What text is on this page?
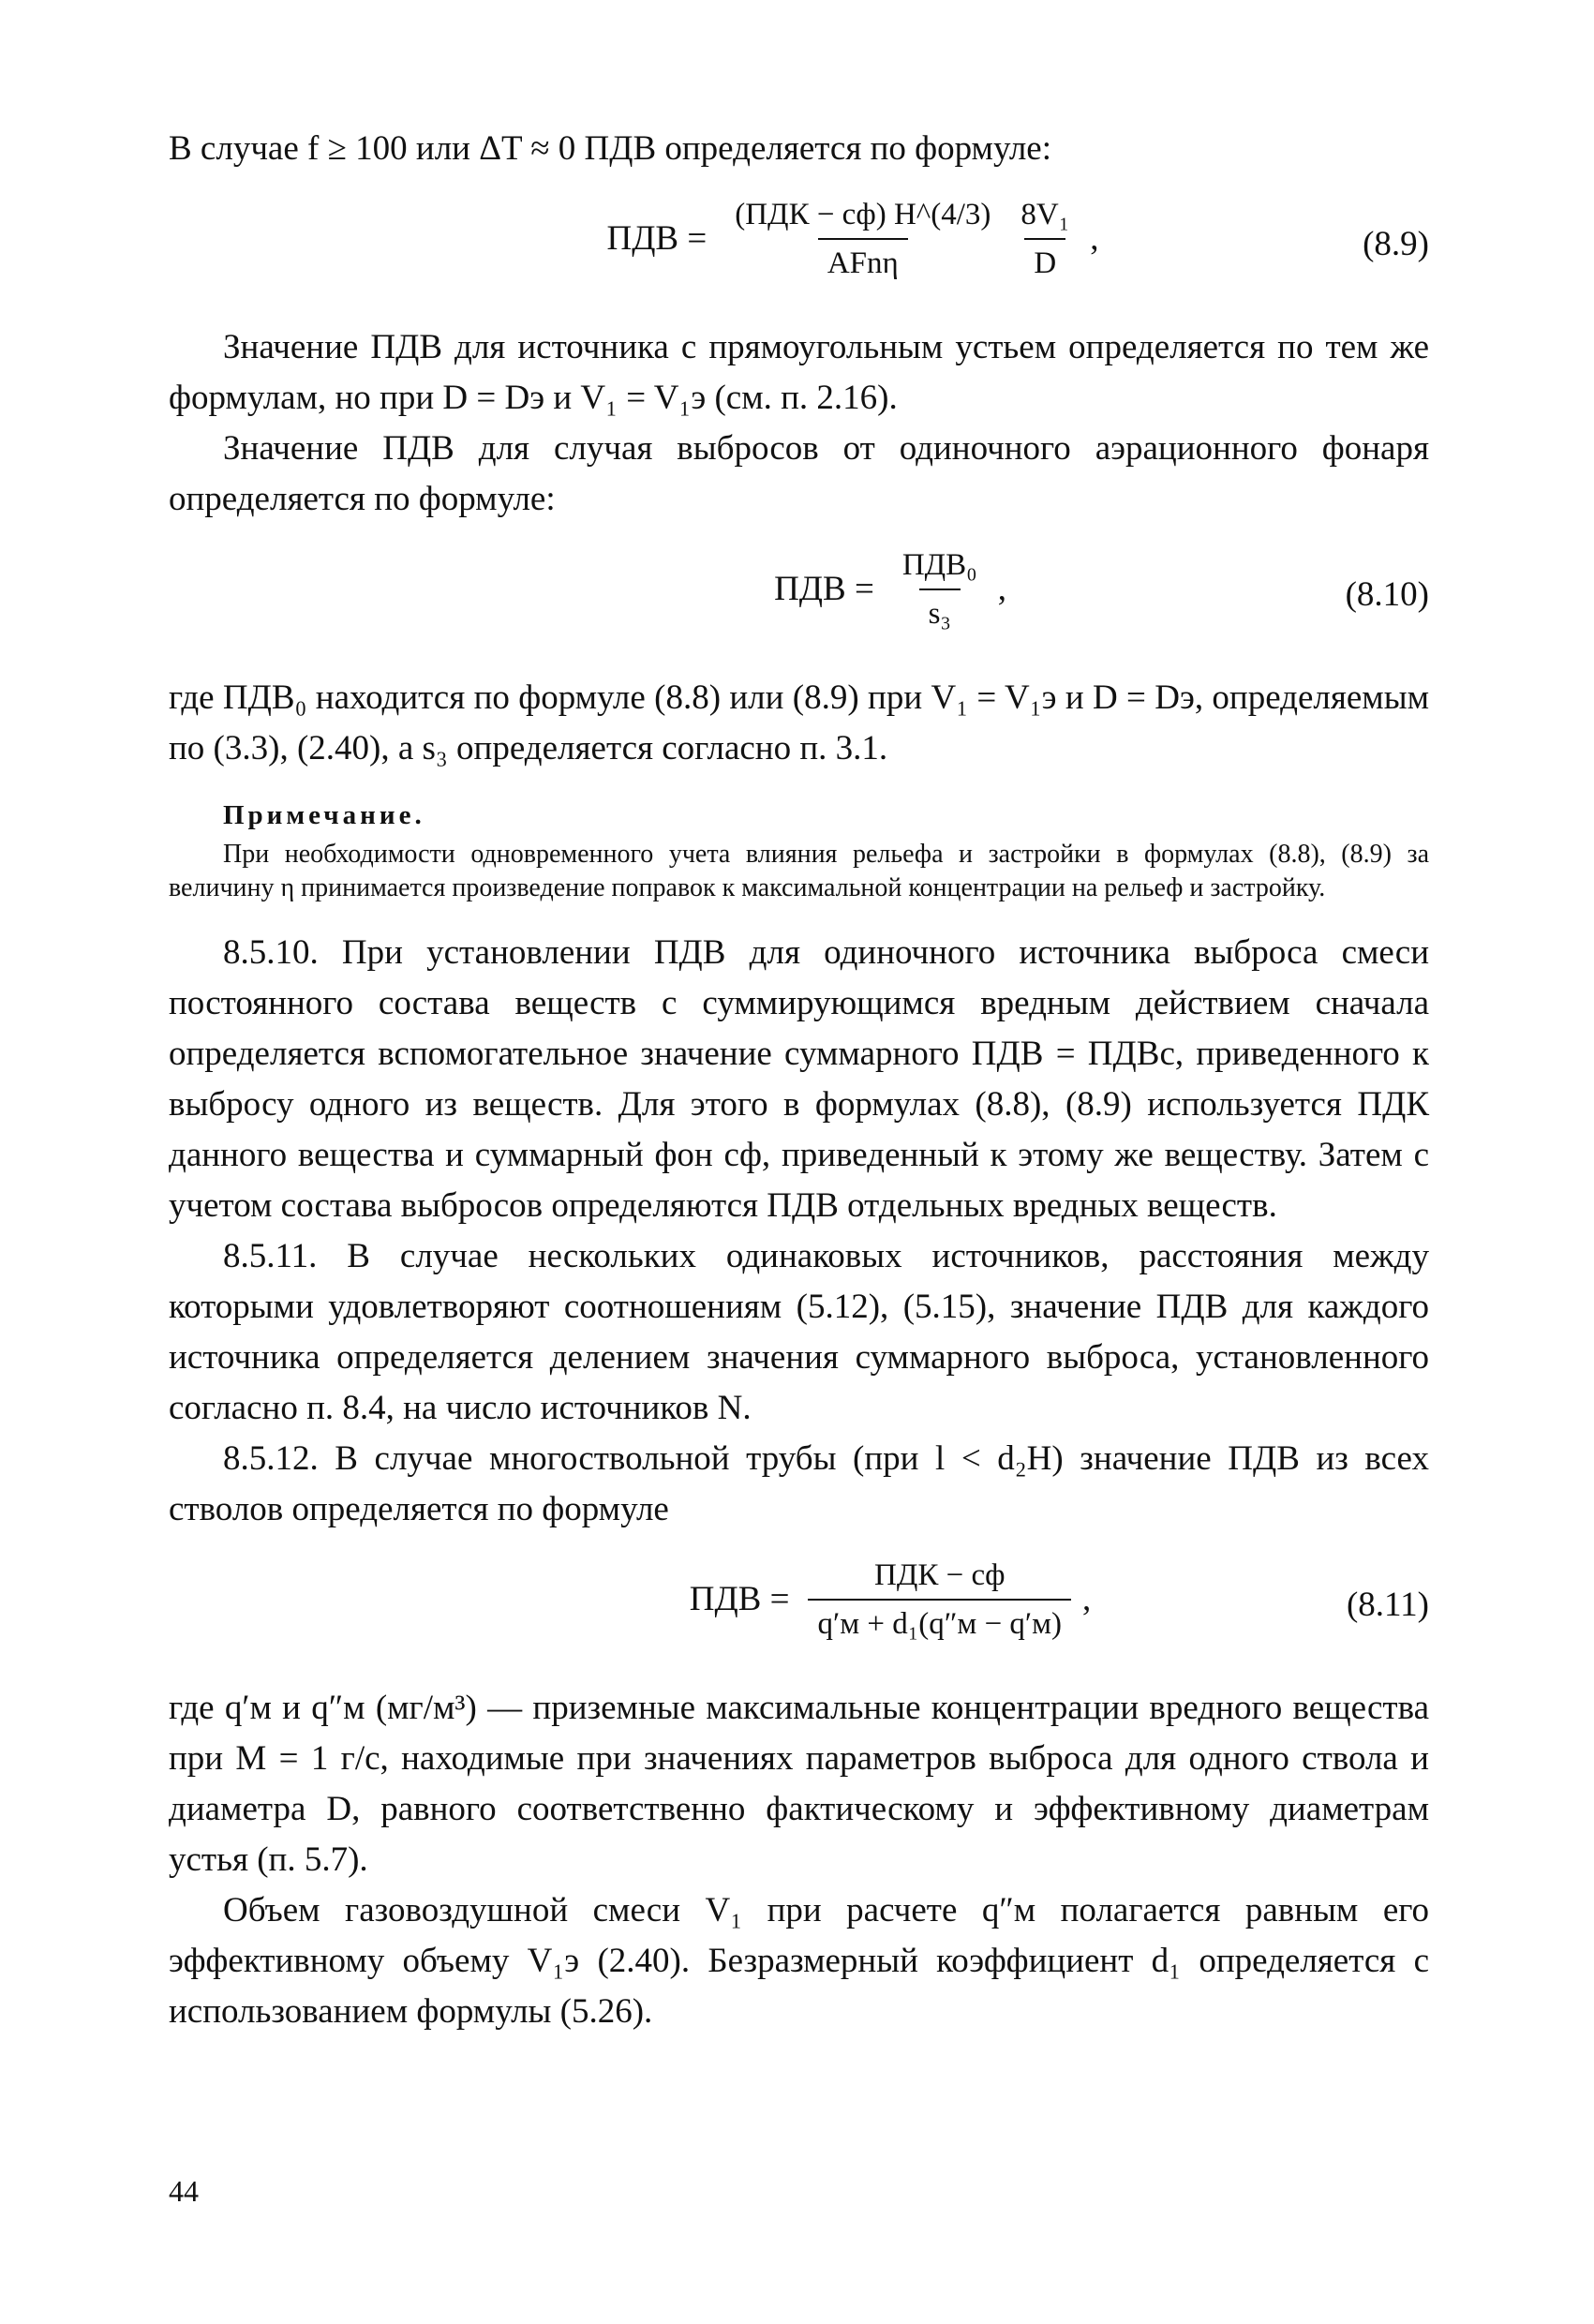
В случае f ≥ 100 или ΔT ≈ 0 ПДВ определяется по формуле:

ПДВ = $\frac{\text{(ПДК − cф) H\textasciicircum{}(4/3)}}{\text{AFnη}} \frac{\text{8V₁}}{D}$ ,	(8.9)

Значение ПДВ для источника с прямоугольным устьем определяется по тем же формулам, но при D = Dэ и V₁ = V₁э (см. п. 2.16).

Значение ПДВ для случая выбросов от одиночного аэрационного фонаря определяется по формуле:

ПДВ = $\frac{\text{ПДВ₀}}{\text{s₃}}$ ,	(8.10)

где ПДВ₀ находится по формуле (8.8) или (8.9) при V₁ = V₁э и D = Dэ, определяемым по (3.3), (2.40), а s₃ определяется согласно п. 3.1.

Примечание.

При необходимости одновременного учета влияния рельефа и застройки в формулах (8.8), (8.9) за величину η принимается произведение поправок к максимальной концентрации на рельеф и застройку.

8.5.10. При установлении ПДВ для одиночного источника выброса смеси постоянного состава веществ с суммирующимся вредным действием сначала определяется вспомогательное значение суммарного ПДВ = ПДВс, приведенного к выбросу одного из веществ. Для этого в формулах (8.8), (8.9) используется ПДК данного вещества и суммарный фон cф, приведенный к этому же веществу. Затем с учетом состава выбросов определяются ПДВ отдельных вредных веществ.

8.5.11. В случае нескольких одинаковых источников, расстояния между которыми удовлетворяют соотношениям (5.12), (5.15), значение ПДВ для каждого источника определяется делением значения суммарного выброса, установленного согласно п. 8.4, на число источников N.

8.5.12. В случае многоствольной трубы (при l < d₂H) значение ПДВ из всех стволов определяется по формуле

ПДВ = $\frac{\text{ПДК − cф}}{\text{q′м + d₁(q″м − q′м)}}$ ,	(8.11)

где q′м и q″м (мг/м³) — приземные максимальные концентрации вредного вещества при M = 1 г/с, находимые при значениях параметров выброса для одного ствола и диаметра D, равного соответственно фактическому и эффективному диаметрам устья (п. 5.7).

Объем газовоздушной смеси V₁ при расчете q″м полагается равным его эффективному объему V₁э (2.40). Безразмерный коэффициент d₁ определяется с использованием формулы (5.26).

44
